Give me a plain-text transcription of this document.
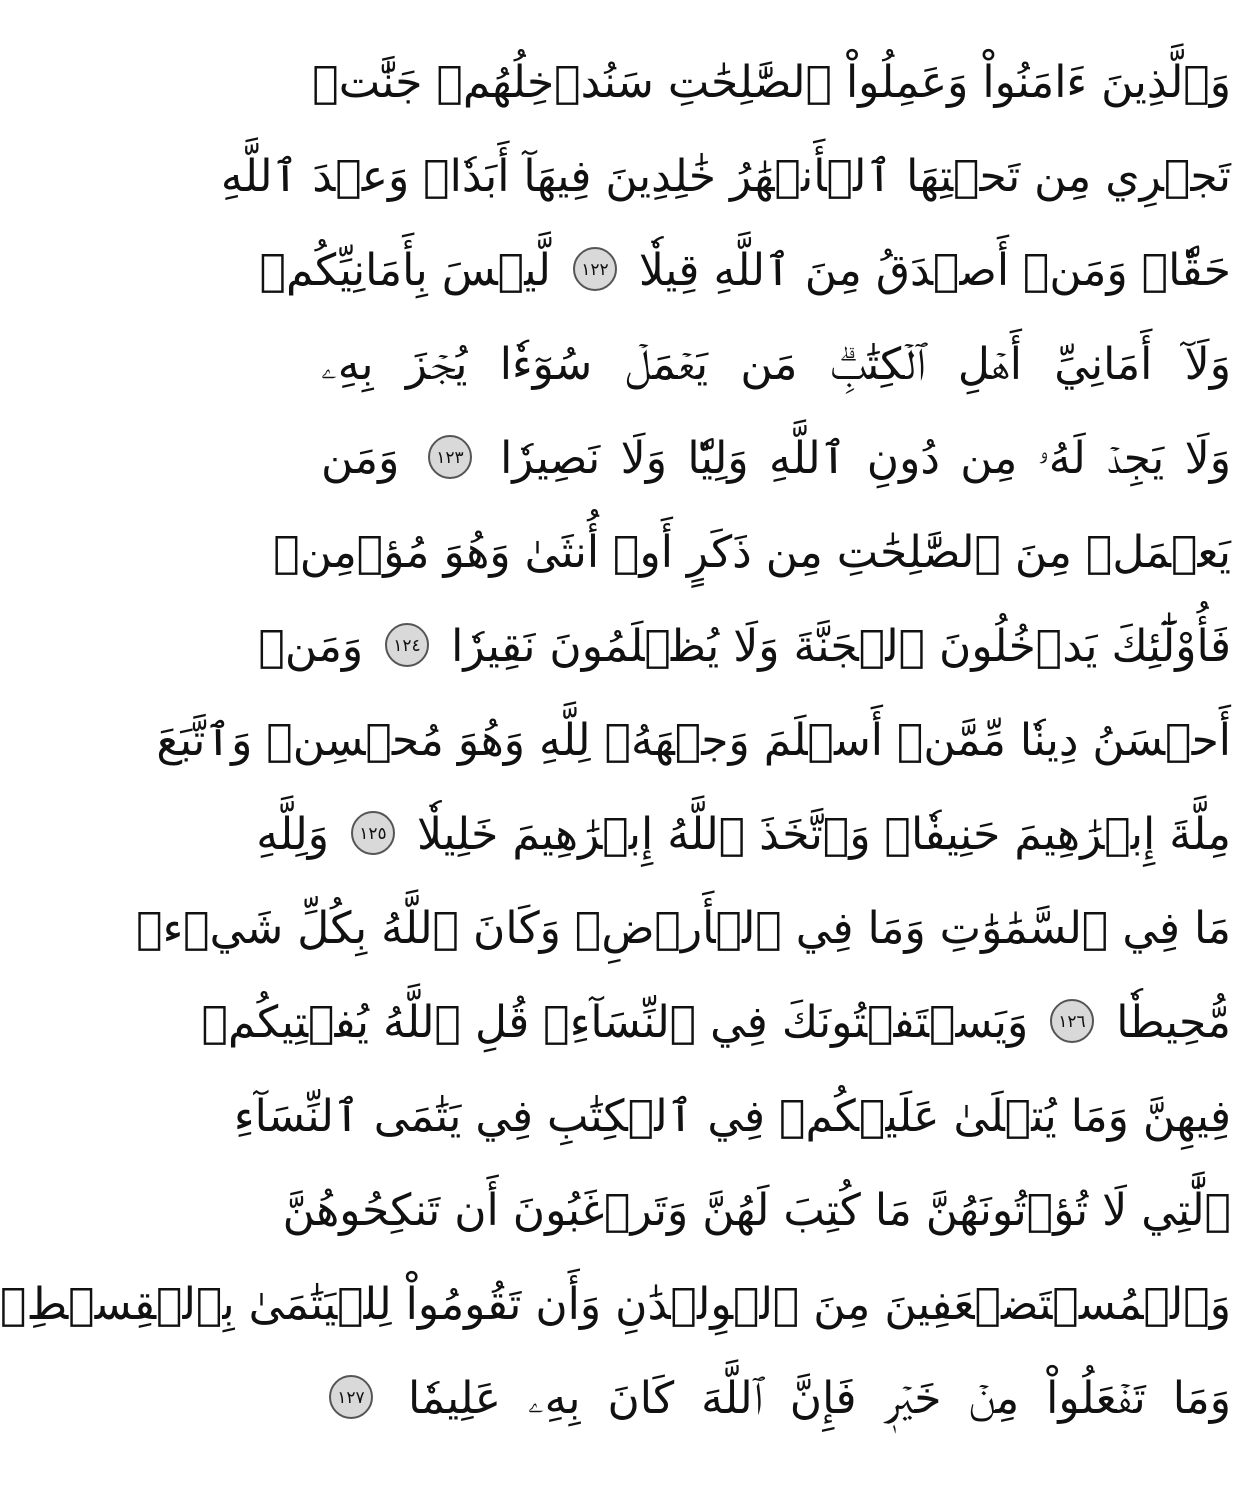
وَٱلَّذِينَ ءَامَنُواْ وَعَمِلُواْ ٱلصَّٰلِحَٰتِ سَنُدۡخِلُهُمۡ جَنَّٰتٖ
تَجۡرِي مِن تَحۡتِهَا ٱلۡأَنۡهَٰرُ خَٰلِدِينَ فِيهَآ أَبَدٗاۖ وَعۡدَ ٱللَّهِ
حَقّٗاۚ وَمَنۡ أَصۡدَقُ مِنَ ٱللَّهِ قِيلٗا
١٢٢
لَّيۡسَ بِأَمَانِيِّكُمۡ
وَلَآ أَمَانِيِّ أَهۡلِ ٱلۡكِتَٰبِۗ مَن يَعۡمَلۡ سُوٓءٗا يُجۡزَ بِهِۦ
وَلَا يَجِدۡ لَهُۥ مِن دُونِ ٱللَّهِ وَلِيّٗا وَلَا نَصِيرٗا
١٢٣
وَمَن
يَعۡمَلۡ مِنَ ٱلصَّٰلِحَٰتِ مِن ذَكَرٍ أَوۡ أُنثَىٰ وَهُوَ مُؤۡمِنٞ
فَأُوْلَٰٓئِكَ يَدۡخُلُونَ ٱلۡجَنَّةَ وَلَا يُظۡلَمُونَ نَقِيرٗا
١٢٤
وَمَنۡ
أَحۡسَنُ دِينٗا مِّمَّنۡ أَسۡلَمَ وَجۡهَهُۥ لِلَّهِ وَهُوَ مُحۡسِنٞ وَٱتَّبَعَ
مِلَّةَ إِبۡرَٰهِيمَ حَنِيفٗاۗ وَٱتَّخَذَ ٱللَّهُ إِبۡرَٰهِيمَ خَلِيلٗا
١٢٥
وَلِلَّهِ
مَا فِي ٱلسَّمَٰوَٰتِ وَمَا فِي ٱلۡأَرۡضِۚ وَكَانَ ٱللَّهُ بِكُلِّ شَيۡءٖ
مُّحِيطٗا
١٢٦
وَيَسۡتَفۡتُونَكَ فِي ٱلنِّسَآءِۖ قُلِ ٱللَّهُ يُفۡتِيكُمۡ
فِيهِنَّ وَمَا يُتۡلَىٰ عَلَيۡكُمۡ فِي ٱلۡكِتَٰبِ فِي يَتَٰمَى ٱلنِّسَآءِ
ٱلَّٰتِي لَا تُؤۡتُونَهُنَّ مَا كُتِبَ لَهُنَّ وَتَرۡغَبُونَ أَن تَنكِحُوهُنَّ
وَٱلۡمُسۡتَضۡعَفِينَ مِنَ ٱلۡوِلۡدَٰنِ وَأَن تَقُومُواْ لِلۡيَتَٰمَىٰ بِٱلۡقِسۡطِۚ
وَمَا تَفۡعَلُواْ مِنۡ خَيۡرٖ فَإِنَّ ٱللَّهَ كَانَ بِهِۦ عَلِيمٗا
١٢٧
